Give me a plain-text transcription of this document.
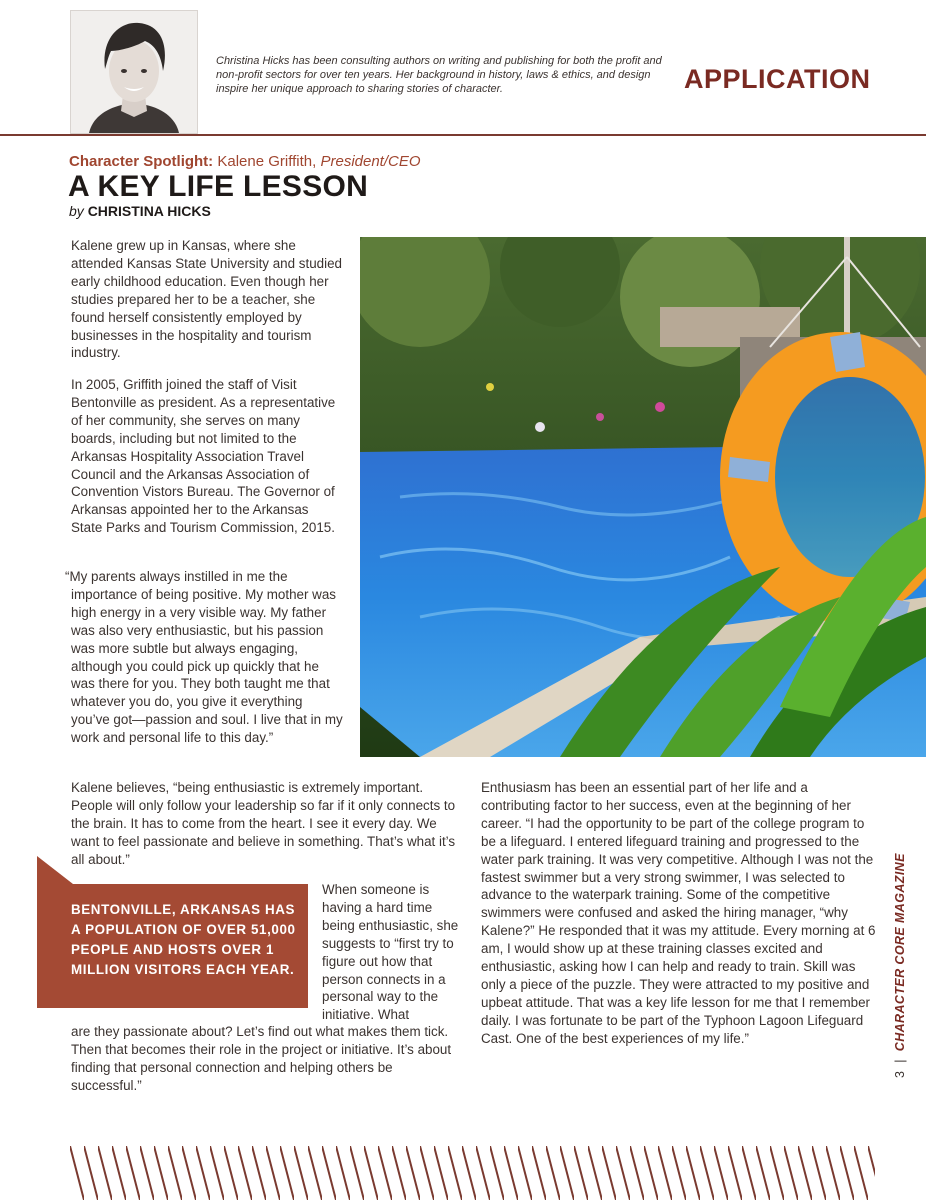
Christina Hicks has been consulting authors on writing and publishing for both the profit and non-profit sectors for over ten years. Her background in history, laws & ethics, and design inspire her unique approach to sharing stories of character.	APPLICATION
Character Spotlight: Kalene Griffith, President/CEO
A KEY LIFE LESSON
by CHRISTINA HICKS

Kalene grew up in Kansas, where she attended Kansas State University and studied early childhood education. Even though her studies prepared her to be a teacher, she found herself consistently employed by businesses in the hospitality and tourism industry.

In 2005, Griffith joined the staff of Visit Bentonville as president. As a representative of her community, she serves on many boards, including but not limited to the Arkansas Hospitality Association Travel Council and the Arkansas Association of Convention Vistors Bureau. The Governor of Arkansas appointed her to the Arkansas State Parks and Tourism Commission, 2015.

“My parents always instilled in me the importance of being positive. My mother was high energy in a very visible way. My father was also very enthusiastic, but his passion was more subtle but always engaging, although you could pick up quickly that he was there for you. They both taught me that whatever you do, you give it everything you’ve got—passion and soul. I live that in my work and personal life to this day.”

Kalene believes, “being enthusiastic is extremely important. People will only follow your leadership so far if it only connects to the brain. It has to come from the heart. I see it every day. We want to feel passionate and believe in something. That’s what it’s all about.”

BENTONVILLE, ARKANSAS HAS A POPULATION OF OVER 51,000 PEOPLE AND HOSTS OVER 1 MILLION VISITORS EACH YEAR.

When someone is having a hard time being enthusiastic, she suggests to “first try to figure out how that person connects in a personal way to the initiative. What

are they passionate about? Let’s find out what makes them tick. Then that becomes their role in the project or initiative. It’s about finding that personal connection and helping others be successful.”

Enthusiasm has been an essential part of her life and a contributing factor to her success, even at the beginning of her career. “I had the opportunity to be part of the college program to be a lifeguard. I entered lifeguard training and progressed to the water park training. It was very competitive. Although I was not the fastest swimmer but a very strong swimmer, I was selected to advance to the waterpark training. Some of the competitive swimmers were confused and asked the hiring manager, “why Kalene?” He responded that it was my attitude. Every morning at 6 am, I would show up at these training classes excited and enthusiastic, asking how I can help and ready to train. Skill was only a piece of the puzzle. They were attracted to my positive and upbeat attitude. That was a key life lesson for me that I remember daily. I was fortunate to be part of the Typhoon Lagoon Lifeguard Cast. One of the best experiences of my life.”

3 | CHARACTER CORE MAGAZINE
